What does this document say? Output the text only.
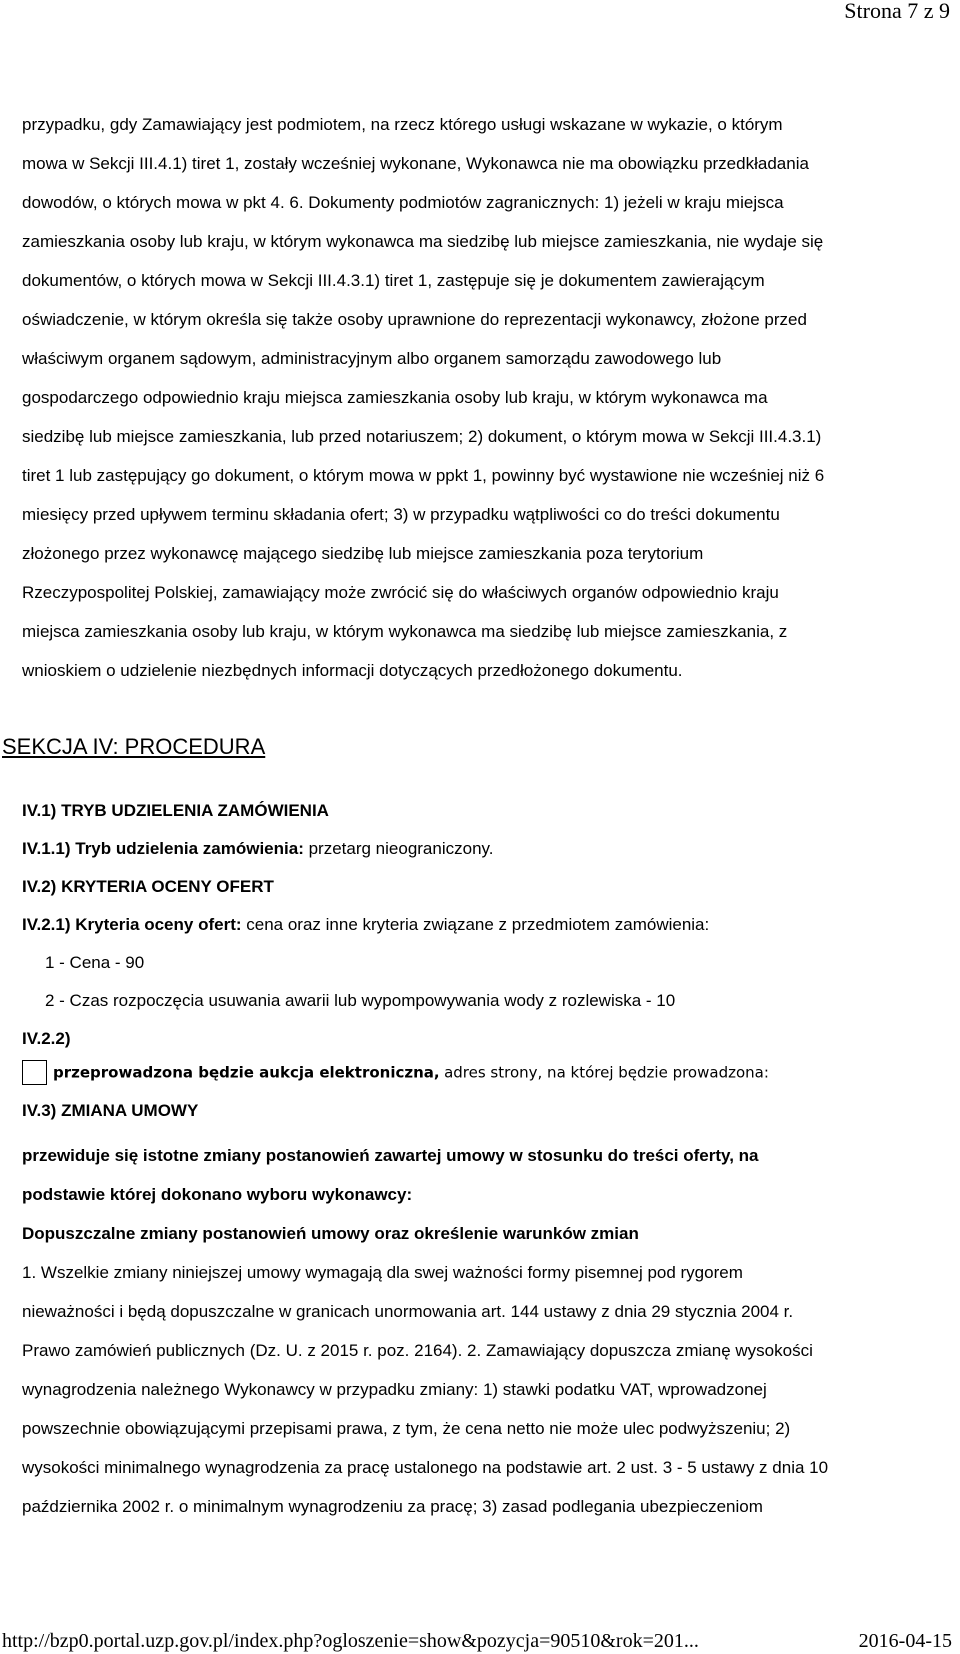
Strona 7 z 9
przypadku, gdy Zamawiający jest podmiotem, na rzecz którego usługi wskazane w wykazie, o którym
mowa w Sekcji III.4.1) tiret 1, zostały wcześniej wykonane, Wykonawca nie ma obowiązku przedkładania
dowodów, o których mowa w pkt 4. 6. Dokumenty podmiotów zagranicznych: 1) jeżeli w kraju miejsca
zamieszkania osoby lub kraju, w którym wykonawca ma siedzibę lub miejsce zamieszkania, nie wydaje się
dokumentów, o których mowa w Sekcji III.4.3.1) tiret 1, zastępuje się je dokumentem zawierającym
oświadczenie, w którym określa się także osoby uprawnione do reprezentacji wykonawcy, złożone przed
właściwym organem sądowym, administracyjnym albo organem samorządu zawodowego lub
gospodarczego odpowiednio kraju miejsca zamieszkania osoby lub kraju, w którym wykonawca ma
siedzibę lub miejsce zamieszkania, lub przed notariuszem; 2) dokument, o którym mowa w Sekcji III.4.3.1)
tiret 1 lub zastępujący go dokument, o którym mowa w ppkt 1, powinny być wystawione nie wcześniej niż 6
miesięcy przed upływem terminu składania ofert; 3) w przypadku wątpliwości co do treści dokumentu
złożonego przez wykonawcę mającego siedzibę lub miejsce zamieszkania poza terytorium
Rzeczypospolitej Polskiej, zamawiający może zwrócić się do właściwych organów odpowiednio kraju
miejsca zamieszkania osoby lub kraju, w którym wykonawca ma siedzibę lub miejsce zamieszkania, z
wnioskiem o udzielenie niezbędnych informacji dotyczących przedłożonego dokumentu.
SEKCJA IV: PROCEDURA
IV.1) TRYB UDZIELENIA ZAMÓWIENIA
IV.1.1) Tryb udzielenia zamówienia: przetarg nieograniczony.
IV.2) KRYTERIA OCENY OFERT
IV.2.1) Kryteria oceny ofert: cena oraz inne kryteria związane z przedmiotem zamówienia:
1 - Cena - 90
2 - Czas rozpoczęcia usuwania awarii lub wypompowywania wody z rozlewiska - 10
IV.2.2)
przeprowadzona będzie aukcja elektroniczna, adres strony, na której będzie prowadzona:
IV.3) ZMIANA UMOWY
przewiduje się istotne zmiany postanowień zawartej umowy w stosunku do treści oferty, na
podstawie której dokonano wyboru wykonawcy:
Dopuszczalne zmiany postanowień umowy oraz określenie warunków zmian
1. Wszelkie zmiany niniejszej umowy wymagają dla swej ważności formy pisemnej pod rygorem
nieważności i będą dopuszczalne w granicach unormowania art. 144 ustawy z dnia 29 stycznia 2004 r.
Prawo zamówień publicznych (Dz. U. z 2015 r. poz. 2164). 2. Zamawiający dopuszcza zmianę wysokości
wynagrodzenia należnego Wykonawcy w przypadku zmiany: 1) stawki podatku VAT, wprowadzonej
powszechnie obowiązującymi przepisami prawa, z tym, że cena netto nie może ulec podwyższeniu; 2)
wysokości minimalnego wynagrodzenia za pracę ustalonego na podstawie art. 2 ust. 3 - 5 ustawy z dnia 10
października 2002 r. o minimalnym wynagrodzeniu za pracę; 3) zasad podlegania ubezpieczeniom
http://bzp0.portal.uzp.gov.pl/index.php?ogloszenie=show&pozycja=90510&rok=201...	2016-04-15
